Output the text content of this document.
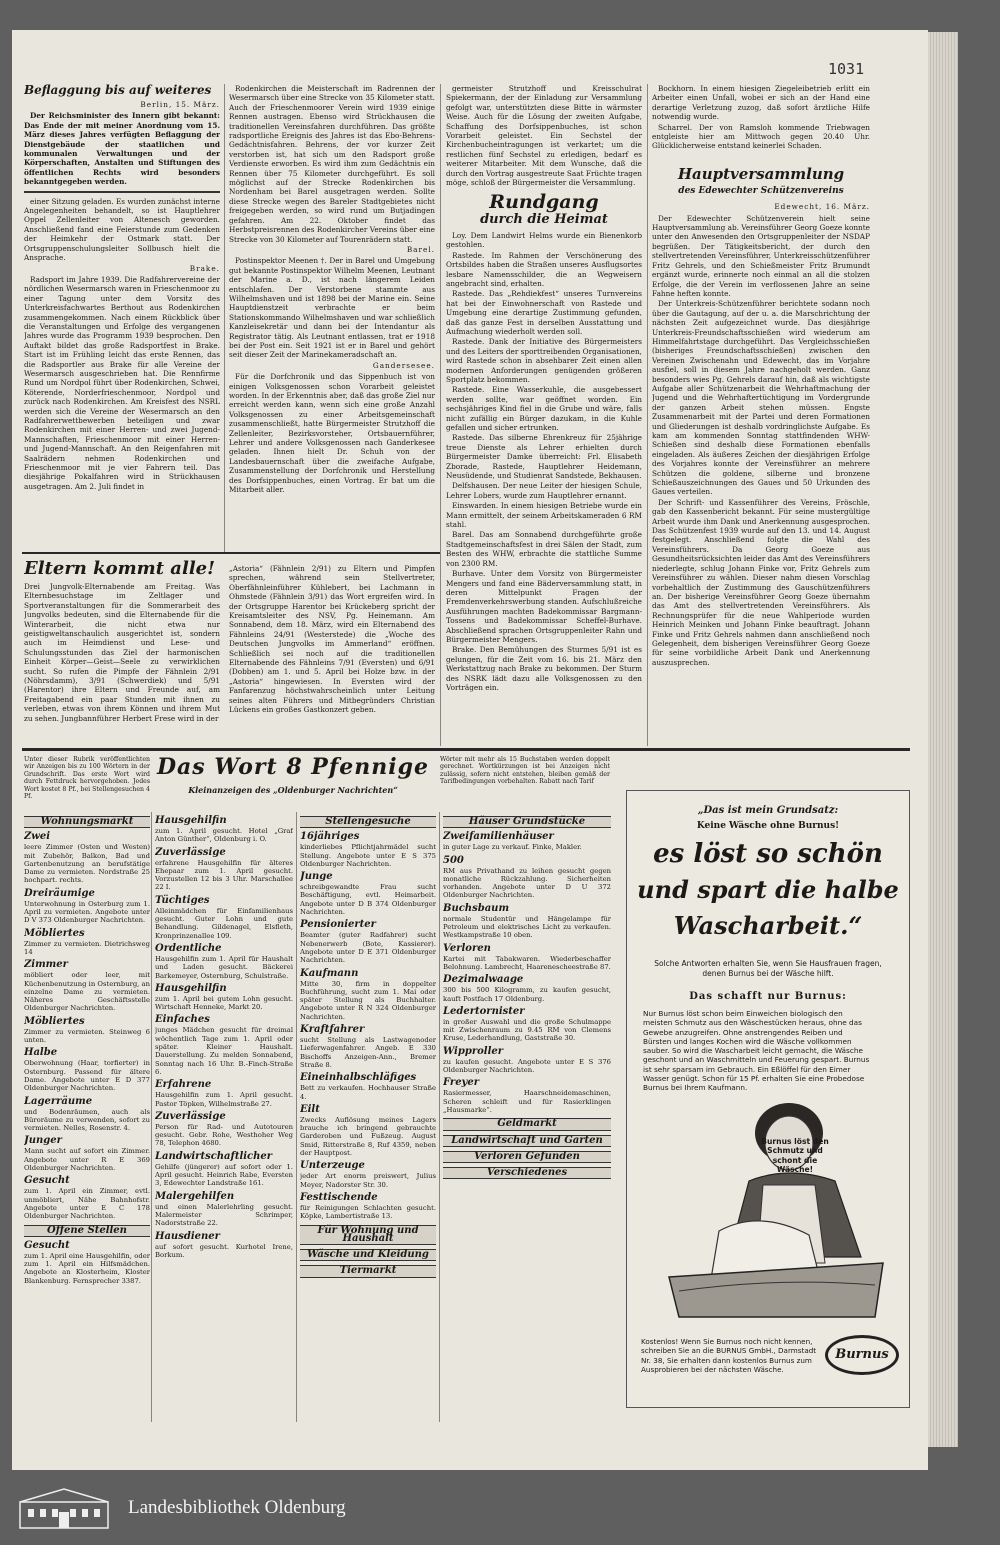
1031
Beflaggung bis auf weiteres
Berlin, 15. März.

Der Reichsminister des Innern gibt bekannt: Das Ende der mit meiner Anordnung vom 15. März dieses Jahres verfügten Beflaggung der Dienstgebäude der staatlichen und kommunalen Verwaltungen und der Körperschaften, Anstalten und Stiftungen des öffentlichen Rechts wird besonders bekanntgegeben werden.

einer Sitzung geladen. Es wurden zunächst interne Angelegenheiten behandelt, so ist Hauptlehrer Oppel Zellenleiter von Altenesch geworden. Anschließend fand eine Feierstunde zum Gedenken der Heimkehr der Ostmark statt. Der Ortsgruppenschulungsleiter Sollbusch hielt die Ansprache.

Brake.

Radsport im Jahre 1939. Die Radfahrervereine der nördlichen Wesermarsch waren in Frieschenmoor zu einer Tagung unter dem Vorsitz des Unterkreisfachwartes Berthout aus Rodenkirchen zusammengekommen. Nach einem Rückblick über die Veranstaltungen und Erfolge des vergangenen Jahres wurde das Programm 1939 besprochen. Den Auftakt bildet das große Radsportfest in Brake. Start ist im Frühling leicht das erste Rennen, das die Radsportler aus Brake für alle Vereine der Wesermarsch ausgeschrieben hat. Die Rennfirme Rund um Nordpol führt über Rodenkirchen, Schwei, Köterende, Norderfrieschenmoor, Nordpol und zurück nach Rodenkirchen. Am Kreisfest des NSRL werden sich die Vereine der Wesermarsch an den Radfahrerwettbewerben beteiligen und zwar Rodenkirchen mit einer Herren- und zwei Jugend-Mannschaften, Frieschenmoor mit einer Herren- und Jugend-Mannschaft. An den Reigenfahren mit Saalrädern nehmen Rodenkirchen und Frieschenmoor mit je vier Fahrern teil. Das diesjährige Pokalfahren wird in Strückhausen ausgetragen. Am 2. Juli findet in

Rodenkirchen die Meisterschaft im Radrennen der Wesermarsch über eine Strecke von 35 Kilometer statt. Auch der Frieschenmoorer Verein wird 1939 einige Rennen austragen. Ebenso wird Strückhausen die traditionellen Vereinsfahren durchführen. Das größte radsportliche Ereignis des Jahres ist das Ebo-Behrens-Gedächtnisfahren. Behrens, der vor kurzer Zeit verstorben ist, hat sich um den Radsport große Verdienste erworben. Es wird ihm zum Gedächtnis ein Rennen über 75 Kilometer durchgeführt. Es soll möglichst auf der Strecke Rodenkirchen bis Nordenham bei Barel ausgetragen werden. Sollte diese Strecke wegen des Bareler Stadtgebietes nicht freigegeben werden, so wird rund um Butjadingen gefahren. Am 22. Oktober findet das Herbstpreisrennen des Rodenkircher Vereins über eine Strecke von 30 Kilometer auf Tourenrädern statt.

Barel.

Postinspektor Meenen †. Der in Barel und Umgebung gut bekannte Postinspektor Wilhelm Meenen, Leutnant der Marine a. D., ist nach längerem Leiden entschlafen. Der Verstorbene stammte aus Wilhelmshaven und ist 1898 bei der Marine ein. Seine Hauptdienstzeit verbrachte er beim Stationskommando Wilhelmshaven und war schließlich Kanzleisekretär und dann bei der Intendantur als Registrator tätig. Als Leutnant entlassen, trat er 1918 bei der Post ein. Seit 1921 ist er in Barel und gehört seit dieser Zeit der Marinekameradschaft an.

Gandersesee.

Für die Dorfchronik und das Sippenbuch ist von einigen Volksgenossen schon Vorarbeit geleistet worden. In der Erkenntnis aber, daß das große Ziel nur erreicht werden kann, wenn sich eine große Anzahl Volksgenossen zu einer Arbeitsgemeinschaft zusammenschließt, hatte Bürgermeister Strutzhoff die Zellenleiter, Bezirksvorsteher, Ortsbauernführer, Lehrer und andere Volksgenossen nach Ganderkesee geladen. Ihnen hielt Dr. Schuh von der Landesbauernschaft über die zweifache Aufgabe, Zusammenstellung der Dorfchronik und Herstellung des Dorfsippenbuches, einen Vortrag. Er bat um die Mitarbeit aller.

germeister Strutzhoff und Kreisschulrat Spiekermann, der der Einladung zur Versammlung gefolgt war, unterstützten diese Bitte in wärmster Weise. Auch für die Lösung der zweiten Aufgabe, Schaffung des Dorfsippenbuches, ist schon Vorarbeit geleistet. Ein Sechstel der Kirchenbucheintragungen ist verkartet; um die restlichen fünf Sechstel zu erledigen, bedarf es weiterer Mitarbeiter. Mit dem Wunsche, daß die durch den Vortrag ausgestreute Saat Früchte tragen möge, schloß der Bürgermeister die Versammlung.

Rundgang
durch die Heimat

Loy. Dem Landwirt Helms wurde ein Bienenkorb gestohlen.

Rastede. Im Rahmen der Verschönerung des Ortsbildes haben die Straßen unseres Ausflugsortes lesbare Namensschilder, die an Wegweisern angebracht sind, erhalten.

Rastede. Das „Rehdiekfest“ unseres Turnvereins hat bei der Einwohnerschaft von Rastede und Umgebung eine derartige Zustimmung gefunden, daß das ganze Fest in derselben Ausstattung und Aufmachung wiederholt werden soll.

Rastede. Dank der Initiative des Bürgermeisters und des Leiters der sporttreibenden Organisationen, wird Rastede schon in absehbarer Zeit einen allen modernen Anforderungen genügenden größeren Sportplatz bekommen.

Rastede. Eine Wasserkuhle, die ausgebessert werden sollte, war geöffnet worden. Ein sechsjähriges Kind fiel in die Grube und wäre, falls nicht zufällig ein Bürger dazukam, in die Kuhle gefallen und sicher ertrunken.

Rastede. Das silberne Ehrenkreuz für 25jährige treue Dienste als Lehrer erhielten durch Bürgermeister Damke überreicht: Frl. Elisabeth Zborade, Rastede, Hauptlehrer Heidemann, Neusüdende, und Studienrat Sandstede, Bekhausen.

Delfshausen. Der neue Leiter der hiesigen Schule, Lehrer Lobers, wurde zum Hauptlehrer ernannt.

Einswarden. In einem hiesigen Betriebe wurde ein Mann ermittelt, der seinem Arbeitskameraden 6 RM stahl.

Barel. Das am Sonnabend durchgeführte große Stadtgemeinschaftsfest in drei Sälen der Stadt, zum Besten des WHW, erbrachte die stattliche Summe von 2300 RM.

Burhave. Unter dem Vorsitz von Bürgermeister Mengers und fand eine Bäderversammlung statt, in deren Mittelpunkt Fragen der Fremdenverkehrswerbung standen. Aufschlußreiche Ausführungen machten Badekommissar Bargmann-Tossens und Badekommissar Scheffel-Burhave. Abschließend sprachen Ortsgruppenleiter Rahn und Bürgermeister Mengers.

Brake. Den Bemühungen des Sturmes 5/91 ist es gelungen, für die Zeit vom 16. bis 21. März den Werkstattzug nach Brake zu bekommen. Der Sturm des NSRK lädt dazu alle Volksgenossen zu den Vorträgen ein.

Bockhorn. In einem hiesigen Ziegeleibetrieb erlitt ein Arbeiter einen Unfall, wobei er sich an der Hand eine derartige Verletzung zuzog, daß sofort ärztliche Hilfe notwendig wurde.

Scharrel. Der von Ramsloh kommende Triebwagen entgleiste hier am Mittwoch gegen 20.40 Uhr. Glücklicherweise entstand keinerlei Schaden.

Hauptversammlung
des Edewechter Schützenvereins
Edewecht, 16. März.

Der Edewechter Schützenverein hielt seine Hauptversammlung ab. Vereinsführer Georg Goeze konnte unter den Anwesenden den Ortsgruppenleiter der NSDAP begrüßen. Der Tätigkeitsbericht, der durch den stellvertretenden Vereinsführer, Unterkreisschützenführer Fritz Gehrels, und den Schießmeister Fritz Brumundt ergänzt wurde, erinnerte noch einmal an all die stolzen Erfolge, die der Verein im verflossenen Jahre an seine Fahne heften konnte.

Der Unterkreis-Schützenführer berichtete sodann noch über die Gautagung, auf der u. a. die Marschrichtung der nächsten Zeit aufgezeichnet wurde. Das diesjährige Unterkreis-Freundschaftsschießen wird wiederum am Himmelfahrtstage durchgeführt. Das Vergleichsschießen (bisheriges Freundschaftsschießen) zwischen den Vereinen Zwischenahn und Edewecht, das im Vorjahre ausfiel, soll in diesem Jahre nachgeholt werden. Ganz besonders wies Pg. Gehrels darauf hin, daß als wichtigste Aufgabe aller Schützenarbeit die Wehrhaftmachung der Jugend und die Wehrhaftertüchtigung im Vordergrunde der ganzen Arbeit stehen müssen. Engste Zusammenarbeit mit der Partei und deren Formationen und Gliederungen ist deshalb vordringlichste Aufgabe. Es kam am kommenden Sonntag stattfindenden WHW-Schießen sind deshalb diese Formationen ebenfalls eingeladen. Als äußeres Zeichen der diesjährigen Erfolge des Vorjahres konnte der Vereinsführer an mehrere Schützen die goldene, silberne und bronzene Schießauszeichnungen des Gaues und 50 Urkunden des Gaues verteilen.

Der Schrift- und Kassenführer des Vereins, Fröschle, gab den Kassenbericht bekannt. Für seine mustergültige Arbeit wurde ihm Dank und Anerkennung ausgesprochen. Das Schützenfest 1939 wurde auf den 13. und 14. August festgelegt. Anschließend folgte die Wahl des Vereinsführers. Da Georg Goeze aus Gesundheitsrücksichten leider das Amt des Vereinsführers niederlegte, schlug Johann Finke vor, Fritz Gehrels zum Vereinsführer zu wählen. Dieser nahm diesen Vorschlag vorbehaltlich der Zustimmung des Gauschützenführers an. Der bisherige Vereinsführer Georg Goeze übernahm das Amt des stellvertretenden Vereinsführers. Als Rechnungsprüfer für die neue Wahlperiode wurden Heinrich Meinken und Johann Finke beauftragt. Johann Finke und Fritz Gehrels nahmen dann anschließend noch Gelegenheit, dem bisherigen Vereinsführer Georg Goeze für seine vorbildliche Arbeit Dank und Anerkennung auszusprechen.

Eltern kommt alle!

Drei Jungvolk-Elternabende am Freitag. Was Elternbesuchstage im Zeltlager und Sportveranstaltungen für die Sommerarbeit des Jungvolks bedeuten, sind die Elternabende für die Winterarbeit, die nicht etwa nur geistigweltanschaulich ausgerichtet ist, sondern auch im Heimdienst und Lese- und Schulungsstunden das Ziel der harmonischen Einheit Körper—Geist—Seele zu verwirklichen sucht. So rufen die Pimpfe der Fähnlein 2/91 (Nöhrsdamm), 3/91 (Schwerdiek) und 5/91 (Harentor) ihre Eltern und Freunde auf, am Freitagabend ein paar Stunden mit ihnen zu verleben, etwas von ihrem Können und ihrem Mut zu sehen. Jungbannführer Herbert Frese wird in der

„Astoria“ (Fähnlein 2/91) zu Eltern und Pimpfen sprechen, während sein Stellvertreter, Oberfähnleinführer Kühlebert, bei Lachmann in Ohmstede (Fähnlein 3/91) das Wort ergreifen wird. In der Ortsgruppe Harentor bei Krückeberg spricht der Kreisamtsleiter des NSV, Pg. Heinemann. Am Sonnabend, dem 18. März, wird ein Elternabend des Fähnleins 24/91 (Westerstede) die „Woche des Deutschen Jungvolks im Ammerland“ eröffnen. Schließlich sei noch auf die traditionellen Elternabende des Fähnleins 7/91 (Eversten) und 6/91 (Dobben) am 1. und 5. April bei Holze bzw. in der „Astoria“ hingewiesen. In Eversten wird der Fanfarenzug höchstwahrscheinlich unter Leitung seines alten Führers und Mitbegründers Christian Lückens ein großes Gastkonzert geben.

Unter dieser Rubrik veröffentlichten wir Anzeigen bis zu 100 Wörtern in der Grundschrift. Das erste Wort wird durch Fettdruck hervorgehoben. Jedes Wort kostet 8 Pf., bei Stellengesuchen 4 Pf.
Das Wort 8 Pfennige
Kleinanzeigen des „Oldenburger Nachrichten“
Wörter mit mehr als 15 Buchstaben werden doppelt gerechnet. Wortkürzungen ist bei Anzeigen nicht zulässig, sofern nicht entstehen, bleiben gemäß der Tarifbedingungen vorbehalten. Rabatt nach Tarif
Wohnungsmarkt
Zwei
leere Zimmer (Osten und Westen) mit Zubehör, Balkon, Bad und Gartenbenutzung an berufstätige Dame zu vermieten. Nordstraße 25 hochpart. rechts.
Dreiräumige
Unterwohnung in Osterburg zum 1. April zu vermieten. Angebote unter D V 373 Oldenburger Nachrichten.
Möbliertes
Zimmer zu vermieten. Dietrichsweg 14
Zimmer
möbliert oder leer, mit Küchenbenutzung in Osternburg, an einzelne Dame zu vermieten. Näheres Geschäftsstelle Oldenburger Nachrichten.
Möbliertes
Zimmer zu vermieten. Steinweg 6 unten.
Halbe
Oberwohnung (Haar, torfierter) in Osternburg. Passend für ältere Dame. Angebote unter E D 377 Oldenburger Nachrichten.
Lagerräume
und Bodenräumen, auch als Büroräume zu verwenden, sofort zu vermieten. Nelles, Rosenstr. 4.
Junger
Mann sucht auf sofort ein Zimmer. Angebote unter R E 369 Oldenburger Nachrichten.
Gesucht
zum 1. April ein Zimmer, evtl. unmöbliert, Nähe Bahnhofstr. Angebote unter E C 178 Oldenburger Nachrichten.
Offene Stellen
Gesucht
zum 1. April eine Hausgehilfin, oder zum 1. April ein Hilfsmädchen. Angebote an Klosterheim, Kloster Blankenburg. Fernsprecher 3387.
Hausgehilfin
zum 1. April gesucht. Hotel „Graf Anton Günther“, Oldenburg i. O.
Zuverlässige
erfahrene Hausgehilfin für älteres Ehepaar zum 1. April gesucht. Vorzustellen 12 bis 3 Uhr. Marschallee 22 I.
Tüchtiges
Alleinmädchen für Einfamilienhaus gesucht. Guter Lohn und gute Behandlung. Gildenagel, Elsfleth, Kronprinzenallee 109.
Ordentliche
Hausgehilfin zum 1. April für Haushalt und Laden gesucht. Bäckerei Barkemeyer, Osternburg, Schulstraße.
Hausgehilfin
zum 1. April bei gutem Lohn gesucht. Wirtschaft Henneke, Markt 20.
Einfaches
junges Mädchen gesucht für dreimal wöchentlich Tage zum 1. April oder später. Kleiner Haushalt. Dauerstellung. Zu melden Sonnabend, Sonntag nach 16 Uhr. B.-Finch-Straße 6.
Erfahrene
Hausgehilfin zum 1. April gesucht. Pastor Töpken, Wilhelmstraße 27.
Zuverlässige
Person für Rad- und Autotouren gesucht. Gebr. Rohe, Westhoher Weg 78, Telephon 4680.
Landwirtschaftlicher
Gehilfe (jüngerer) auf sofort oder 1. April gesucht. Heinrich Rabe, Eversten 3, Edewechter Landstraße 161.
Malergehilfen
und einen Malerlehrling gesucht. Malermeister Schrimper, Nadorststraße 22.
Hausdiener
auf sofort gesucht. Kurhotel Irene, Borkum.
Stellengesuche
16jähriges
kinderliebes Pflichtjahrmädel sucht Stellung. Angebote unter E S 375 Oldenburger Nachrichten.
Junge
schreibgewandte Frau sucht Beschäftigung, evtl. Heimarbeit. Angebote unter D B 374 Oldenburger Nachrichten.
Pensionierter
Beamter (guter Radfahrer) sucht Nebenerwerb (Bote, Kassierer). Angebote unter D E 371 Oldenburger Nachrichten.
Kaufmann
Mitte 30, firm in doppelter Buchführung, sucht zum 1. Mai oder später Stellung als Buchhalter. Angebote unter R N 324 Oldenburger Nachrichten.
Kraftfahrer
sucht Stellung als Lastwagenoder Lieferwagenfahrer. Angeb. E 330 Bischoffs Anzeigen-Ann., Bremer Straße 8.
Eineinhalbschläfiges
Bett zu verkaufen. Hochhauser Straße 4.
Eilt
Zwecks Auflösung meines Lagers brauche ich bringend gebrauchte Garderoben und Fußzeug. August Smid, Ritterstraße 8, Ruf 4359, neben der Hauptpost.
Unterzeuge
jeder Art enorm preiswert, Julius Meyer, Nadorster Str. 30.
Festtischende
für Reinigungen Schlachten gesucht. Köpke, Lambertistraße 13.
Für Wohnung und Haushalt
Wäsche und Kleidung
Tiermarkt
Häuser Grundstücke
Zweifamilienhäuser
in guter Lage zu verkauf. Finke, Makler.
500
RM aus Privathand zu leihen gesucht gegen monatliche Rückzahlung. Sicherheiten vorhanden. Angebote unter D U 372 Oldenburger Nachrichten.
Buchsbaum
normale Studentür und Hängelampe für Petroleum und elektrisches Licht zu verkaufen. Westkampstraße 10 oben.
Verloren
Kartei mit Tabakwaren. Wiederbeschaffer Belohnung. Lambrecht, Haarenescheestraße 87.
Dezimalwaage
300 bis 500 Kilogramm, zu kaufen gesucht, kauft Postfach 17 Oldenburg.
Ledertornister
in großer Auswahl und die große Schulmappe mit Zwischenraum zu 9.45 RM von Clemens Kruse, Lederhandlung, Gaststraße 30.
Wipproller
zu kaufen gesucht. Angebote unter E S 376 Oldenburger Nachrichten.
Freyer
Rasiermesser, Haarschneidemaschinen, Scheren schleift und für Rasierklingen „Hausmarke“.
Geldmarkt
Landwirtschaft und Garten
Verloren Gefunden
Verschiedenes
„Das ist mein Grundsatz:
Keine Wäsche ohne Burnus!
es löst so schön
und spart die halbe
Wascharbeit.“
Solche Antworten erhalten Sie, wenn Sie Hausfrauen fragen, denen Burnus bei der Wäsche hilft.
Das schafft nur Burnus:
Nur Burnus löst schon beim Einweichen biologisch den meisten Schmutz aus den Wäschestücken heraus, ohne das Gewebe anzugreifen. Ohne anstrengendes Reiben und Bürsten und langes Kochen wird die Wäsche vollkommen sauber. So wird die Wascharbeit leicht gemacht, die Wäsche geschont und an Waschmitteln und Feuerung gespart. Burnus ist sehr sparsam im Gebrauch. Ein Eßlöffel für den Eimer Wasser genügt. Schon für 15 Pf. erhalten Sie eine Probedose Burnus bei Ihrem Kaufmann.
Burnus löst den Schmutz und schont die Wäsche!
Kostenlos! Wenn Sie Burnus noch nicht kennen, schreiben Sie an die BURNUS GmbH., Darmstadt Nr. 38, Sie erhalten dann kostenlos Burnus zum Ausprobieren bei der nächsten Wäsche.
Burnus
Landesbibliothek Oldenburg
